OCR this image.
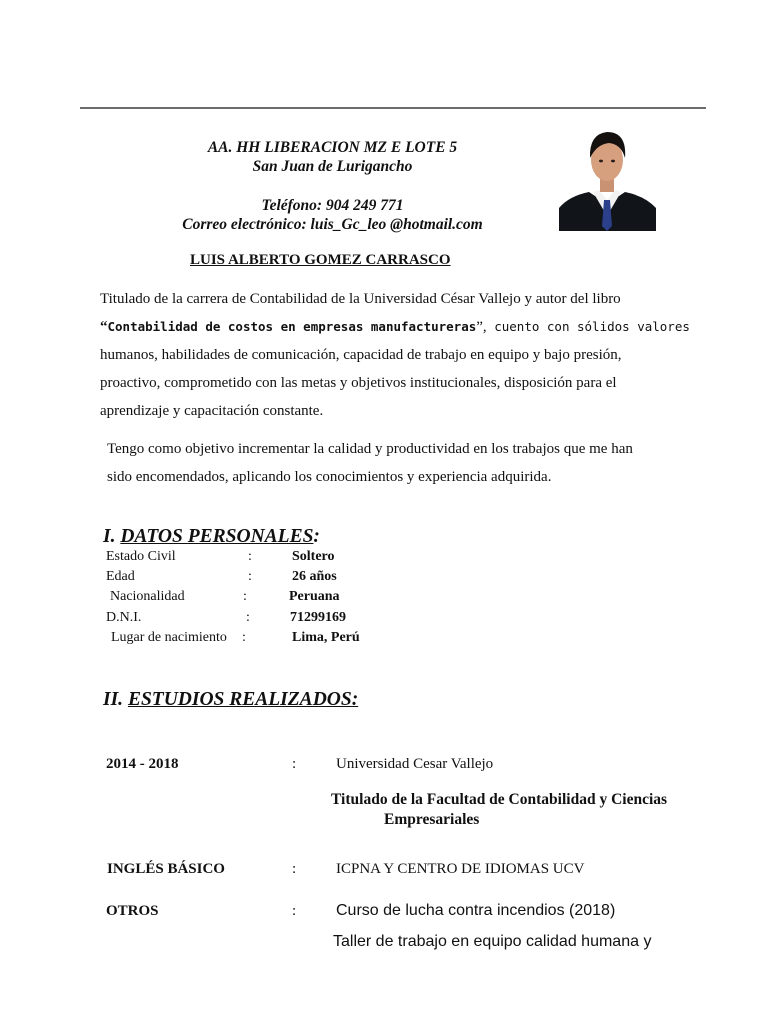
AA. HH LIBERACION MZ E LOTE 5
San Juan de Lurigancho
Teléfono: 904 249 771
Correo electrónico: luis_Gc_leo @hotmail.com
LUIS ALBERTO GOMEZ CARRASCO
Titulado de la carrera de Contabilidad de la Universidad César Vallejo y autor del libro
“Contabilidad de costos en empresas manufactureras”, cuento con sólidos valores
humanos, habilidades de comunicación, capacidad de trabajo en equipo y bajo presión,
proactivo, comprometido con las metas y objetivos institucionales, disposición para el
aprendizaje y capacitación constante.
Tengo como objetivo incrementar la calidad y productividad en los trabajos que me han
sido encomendados, aplicando los conocimientos y experiencia adquirida.
I. DATOS PERSONALES:
Estado Civil	:	Soltero
Edad	:	26 años
Nacionalidad	:	Peruana
D.N.I.	:	71299169
Lugar de nacimiento :	Lima, Perú
II. ESTUDIOS REALIZADOS:
2014 - 2018	:	Universidad Cesar Vallejo
Titulado de la Facultad de Contabilidad y Ciencias
Empresariales
INGLÉS BÁSICO	:	ICPNA Y CENTRO DE IDIOMAS UCV
OTROS	: Curso de lucha contra incendios (2018)
Taller de trabajo en equipo calidad humana y
